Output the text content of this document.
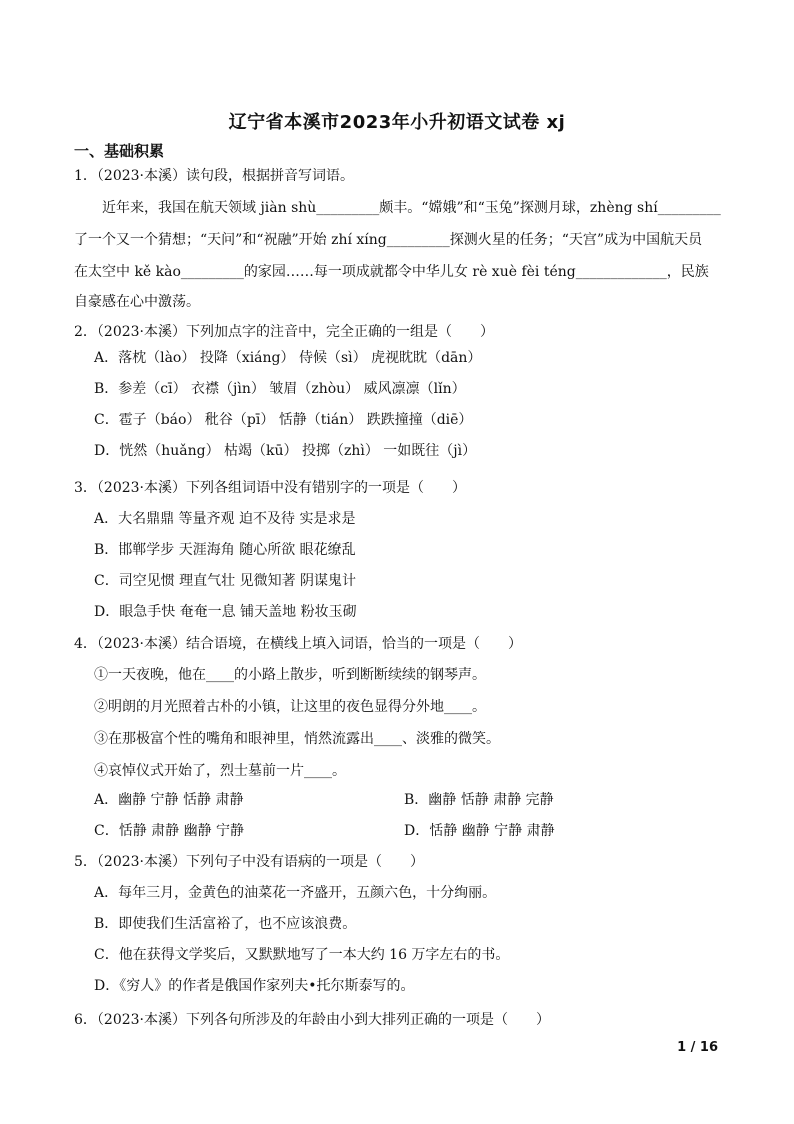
辽宁省本溪市2023年小升初语文试卷 xj
一、基础积累
1．（2023·本溪）读句段，根据拼音写词语。
　　近年来，我国在航天领域 jiàn shù_________颇丰。“嫦娥”和“玉兔”探测月球，zhèng shí_________
了一个又一个猜想；“天问”和“祝融”开始 zhí xíng_________探测火星的任务；“天宫”成为中国航天员
在太空中 kě kào_________的家园……每一项成就都令中华儿女 rè xuè fèi téng_____________，民族
自豪感在心中激荡。
2．（2023·本溪）下列加点字的注音中，完全正确的一组是（　　）
A．落枕（lào） 投降（xiáng） 侍候（sì） 虎视眈眈（dān）
B．参差（cī） 衣襟（jìn） 皱眉（zhòu） 威风凛凛（lǐn）
C．雹子（báo） 秕谷（pī） 恬静（tián） 跌跌撞撞（diē）
D．恍然（huǎng） 枯竭（kū） 投掷（zhì） 一如既往（jì）
3．（2023·本溪）下列各组词语中没有错别字的一项是（　　）
A．大名鼎鼎 等量齐观 迫不及待 实是求是
B．邯郸学步 天涯海角 随心所欲 眼花缭乱
C．司空见惯 理直气壮 见微知著 阴谋鬼计
D．眼急手快 奄奄一息 铺天盖地 粉妆玉砌
4．（2023·本溪）结合语境，在横线上填入词语，恰当的一项是（　　）
①一天夜晚，他在____的小路上散步，听到断断续续的钢琴声。
②明朗的月光照着古朴的小镇，让这里的夜色显得分外地____。
③在那极富个性的嘴角和眼神里，悄然流露出____、淡雅的微笑。
④哀悼仪式开始了，烈士墓前一片____。
A．幽静 宁静 恬静 肃静	B．幽静 恬静 肃静 完静
C．恬静 肃静 幽静 宁静	D．恬静 幽静 宁静 肃静
5．（2023·本溪）下列句子中没有语病的一项是（　　）
A．每年三月，金黄色的油菜花一齐盛开，五颜六色，十分绚丽。
B．即使我们生活富裕了，也不应该浪费。
C．他在获得文学奖后，又默默地写了一本大约 16 万字左右的书。
D．《穷人》的作者是俄国作家列夫•托尔斯泰写的。
6．（2023·本溪）下列各句所涉及的年龄由小到大排列正确的一项是（　　）
1 / 16
